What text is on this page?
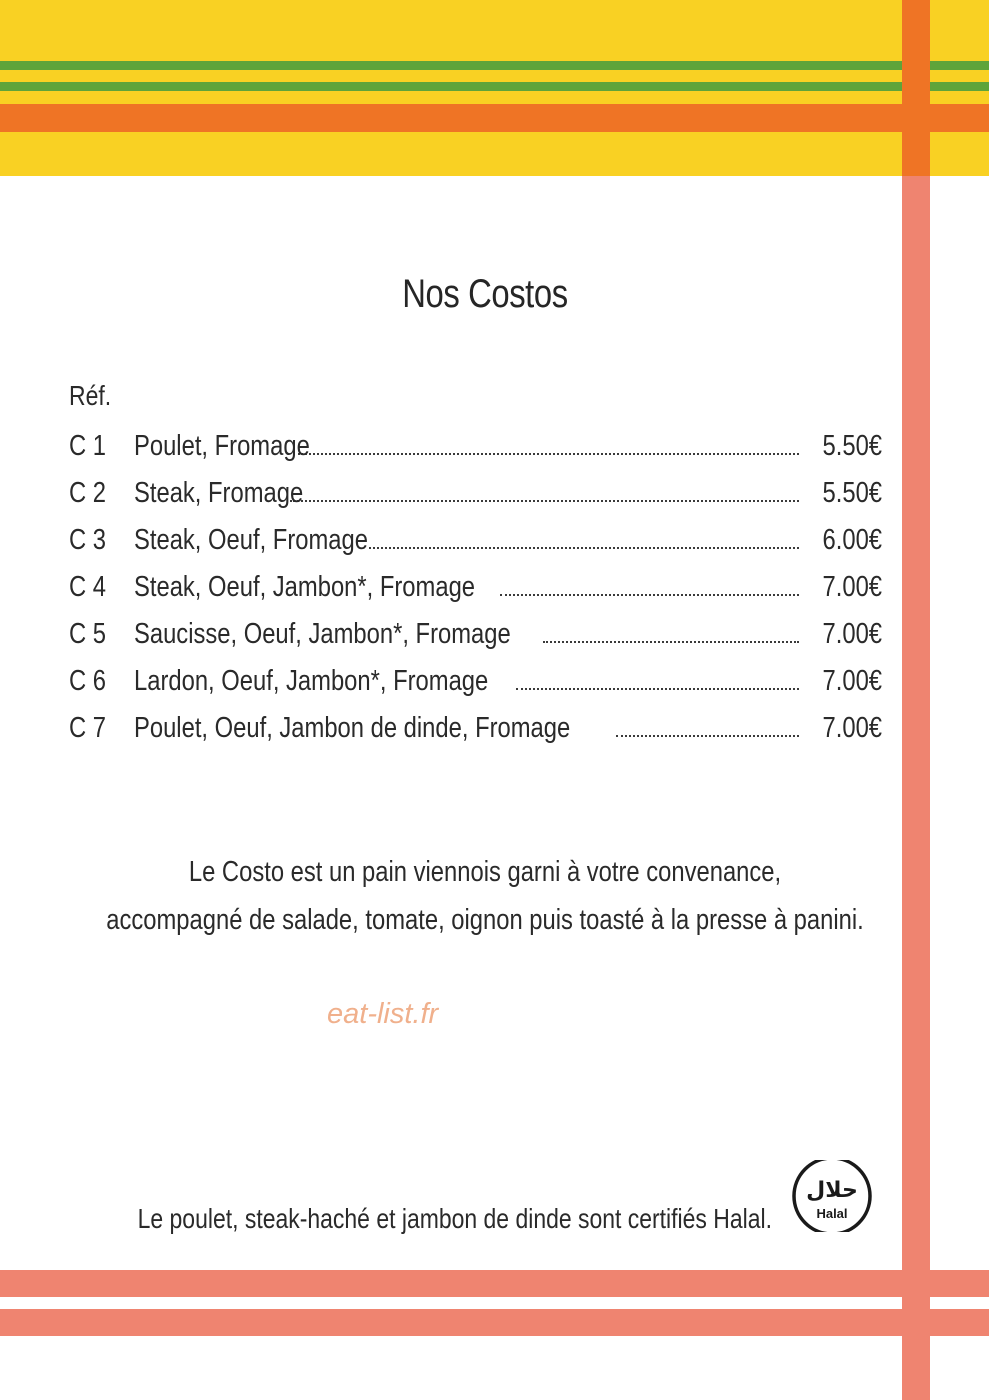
Nos Costos
Réf.
C 1 Poulet, Fromage	5.50€
C 2 Steak, Fromage	5.50€
C 3 Steak, Oeuf, Fromage	6.00€
C 4 Steak, Oeuf, Jambon*, Fromage	7.00€
C 5 Saucisse, Oeuf, Jambon*, Fromage	7.00€
C 6 Lardon, Oeuf, Jambon*, Fromage	7.00€
C 7 Poulet, Oeuf, Jambon de dinde, Fromage	7.00€
Le Costo est un pain viennois garni à votre convenance,
accompagné de salade, tomate, oignon puis toasté à la presse à panini.
eat-list.fr
Le poulet, steak-haché et jambon de dinde sont certifiés Halal.
حلال
Halal
